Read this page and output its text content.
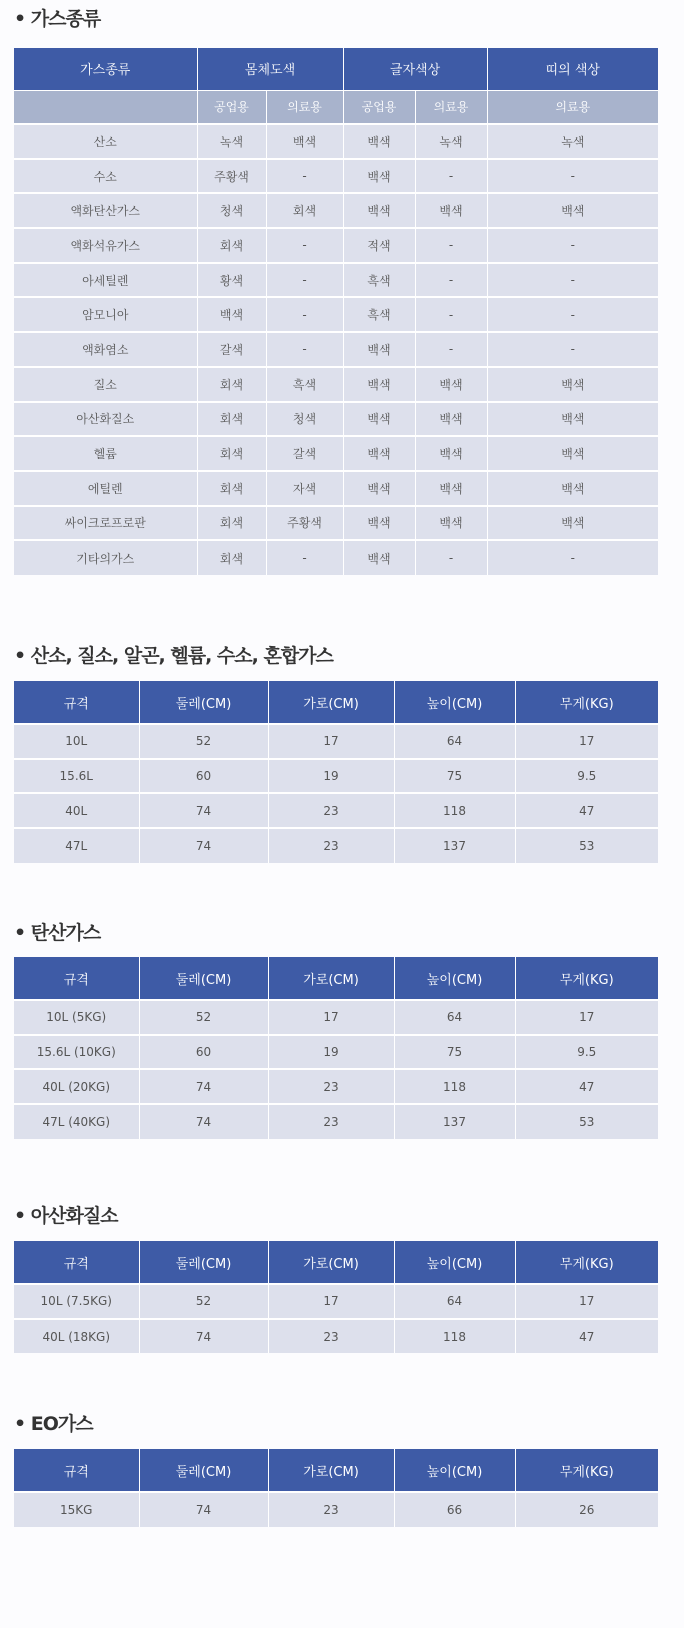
• 가스종류
가스종류	몸체도색		글자색상		띠의 색상
	공업용	의료용	공업용	의료용	의료용
산소	녹색	백색	백색	녹색	녹색
수소	주황색	-	백색	-	-
액화탄산가스	청색	회색	백색	백색	백색
액화석유가스	회색	-	적색	-	-
아세틸렌	황색	-	흑색	-	-
암모니아	백색	-	흑색	-	-
액화염소	갈색	-	백색	-	-
질소	회색	흑색	백색	백색	백색
아산화질소	회색	청색	백색	백색	백색
헬륨	회색	갈색	백색	백색	백색
에틸렌	회색	자색	백색	백색	백색
싸이크로프로판	회색	주황색	백색	백색	백색
기타의가스	회색	-	백색	-	-
• 산소, 질소, 알곤, 헬륨, 수소, 혼합가스
규격	둘레(CM)	가로(CM)	높이(CM)	무게(KG)
10L	52	17	64	17
15.6L	60	19	75	9.5
40L	74	23	118	47
47L	74	23	137	53
• 탄산가스
규격	둘레(CM)	가로(CM)	높이(CM)	무게(KG)
10L (5KG)	52	17	64	17
15.6L (10KG)	60	19	75	9.5
40L (20KG)	74	23	118	47
47L (40KG)	74	23	137	53
• 아산화질소
규격	둘레(CM)	가로(CM)	높이(CM)	무게(KG)
10L (7.5KG)	52	17	64	17
40L (18KG)	74	23	118	47
• EO가스
규격	둘레(CM)	가로(CM)	높이(CM)	무게(KG)
15KG	74	23	66	26
